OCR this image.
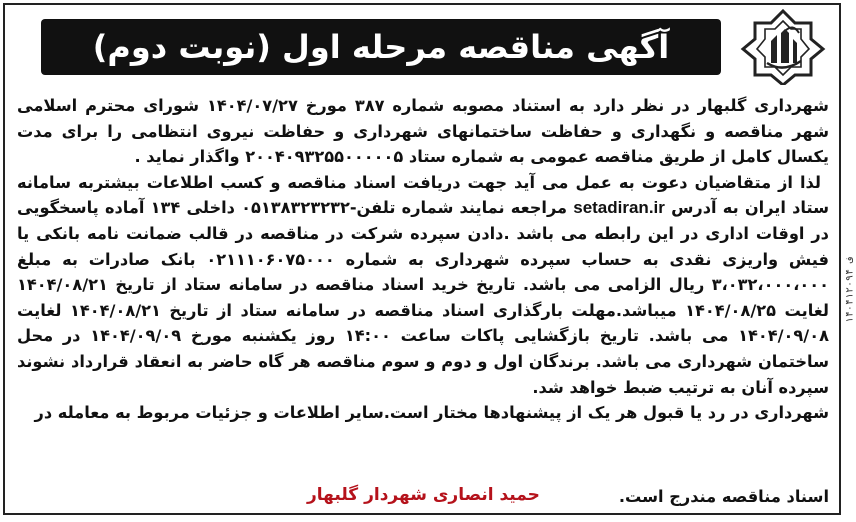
آگهی مناقصه مرحله اول (نوبت دوم)

شهرداری گلبهار در نظر دارد به استناد مصوبه شماره ۳۸۷ مورخ ۱۴۰۴/۰۷/۲۷ شورای محترم اسلامی شهر مناقصه و نگهداری و حفاظت ساختمانهای شهرداری و حفاظت نیروی انتظامی را برای مدت یکسال کامل از طریق مناقصه عمومی به شماره ستاد ۲۰۰۴۰۹۳۲۵۵۰۰۰۰۰۵ واگذار نماید .

لذا از متقاضیان دعوت به عمل می آید جهت دریافت اسناد مناقصه و کسب اطلاعات بیشتربه سامانه ستاد ایران به آدرس setadiran.ir مراجعه نمایند شماره تلفن-۰۵۱۳۸۳۲۳۲۳۲ داخلی ۱۳۴ آماده پاسخگویی در اوقات اداری در این رابطه می باشد .دادن سپرده شرکت در مناقصه در قالب ضمانت نامه بانکی یا فیش واریزی نقدی به حساب سپرده شهرداری به شماره ۰۲۱۱۱۰۶۰۷۵۰۰۰ بانک صادرات به مبلغ ۳،۰۳۲،۰۰۰،۰۰۰ ریال الزامی می باشد. تاریخ خرید اسناد مناقصه در سامانه ستاد از تاریخ ۱۴۰۴/۰۸/۲۱ لغایت ۱۴۰۴/۰۸/۲۵ میباشد.مهلت بارگذاری اسناد مناقصه در سامانه ستاد از تاریخ ۱۴۰۴/۰۸/۲۱ لغایت ۱۴۰۴/۰۹/۰۸ می باشد. تاریخ بازگشایی پاکات ساعت ۱۴:۰۰ روز یکشنبه مورخ ۱۴۰۴/۰۹/۰۹ در محل ساختمان شهرداری می باشد. برندگان اول و دوم و سوم مناقصه هر گاه حاضر به انعقاد قرارداد نشوند سپرده آنان به ترتیب ضبط خواهد شد.

شهرداری در رد یا قبول هر یک از پیشنهادها مختار است.سایر اطلاعات و جزئیات مربوط به معامله در

اسناد مناقصه مندرج است.
حمید انصاری شهردار گلبهار
۱۴۰۴۱۲۰۹۴ ف
